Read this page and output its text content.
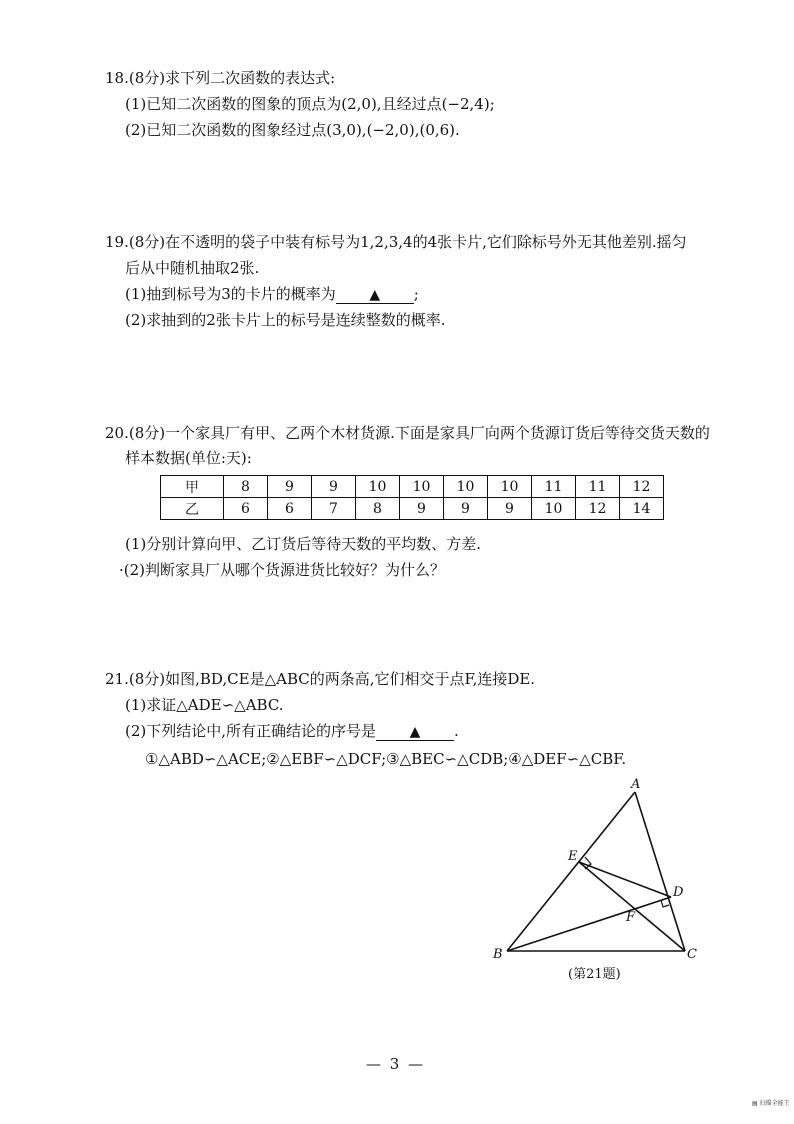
18.(8分)求下列二次函数的表达式:
(1)已知二次函数的图象的顶点为(2,0),且经过点(−2,4);
(2)已知二次函数的图象经过点(3,0),(−2,0),(0,6).
19.(8分)在不透明的袋子中装有标号为1,2,3,4的4张卡片,它们除标号外无其他差别.摇匀
后从中随机抽取2张.
(1)抽到标号为3的卡片的概率为 ▲ ;
(2)求抽到的2张卡片上的标号是连续整数的概率.
20.(8分)一个家具厂有甲、乙两个木材货源.下面是家具厂向两个货源订货后等待交货天数的
样本数据(单位:天):
甲	8	9	9	10	10	10	10	11	11	12
乙	6	6	7	8	9	9	9	10	12	14
(1)分别计算向甲、乙订货后等待天数的平均数、方差.
·(2)判断家具厂从哪个货源进货比较好？为什么？
21.(8分)如图,BD,CE是△ABC的两条高,它们相交于点F,连接DE.
(1)求证△ADE∽△ABC.
(2)下列结论中,所有正确结论的序号是 ▲ .
①△ABD∽△ACE;②△EBF∽△DCF;③△BEC∽△CDB;④△DEF∽△CBF.
A
B	C
D
E
F
(第21题)
— 3 —
▤ 扫描全能王
